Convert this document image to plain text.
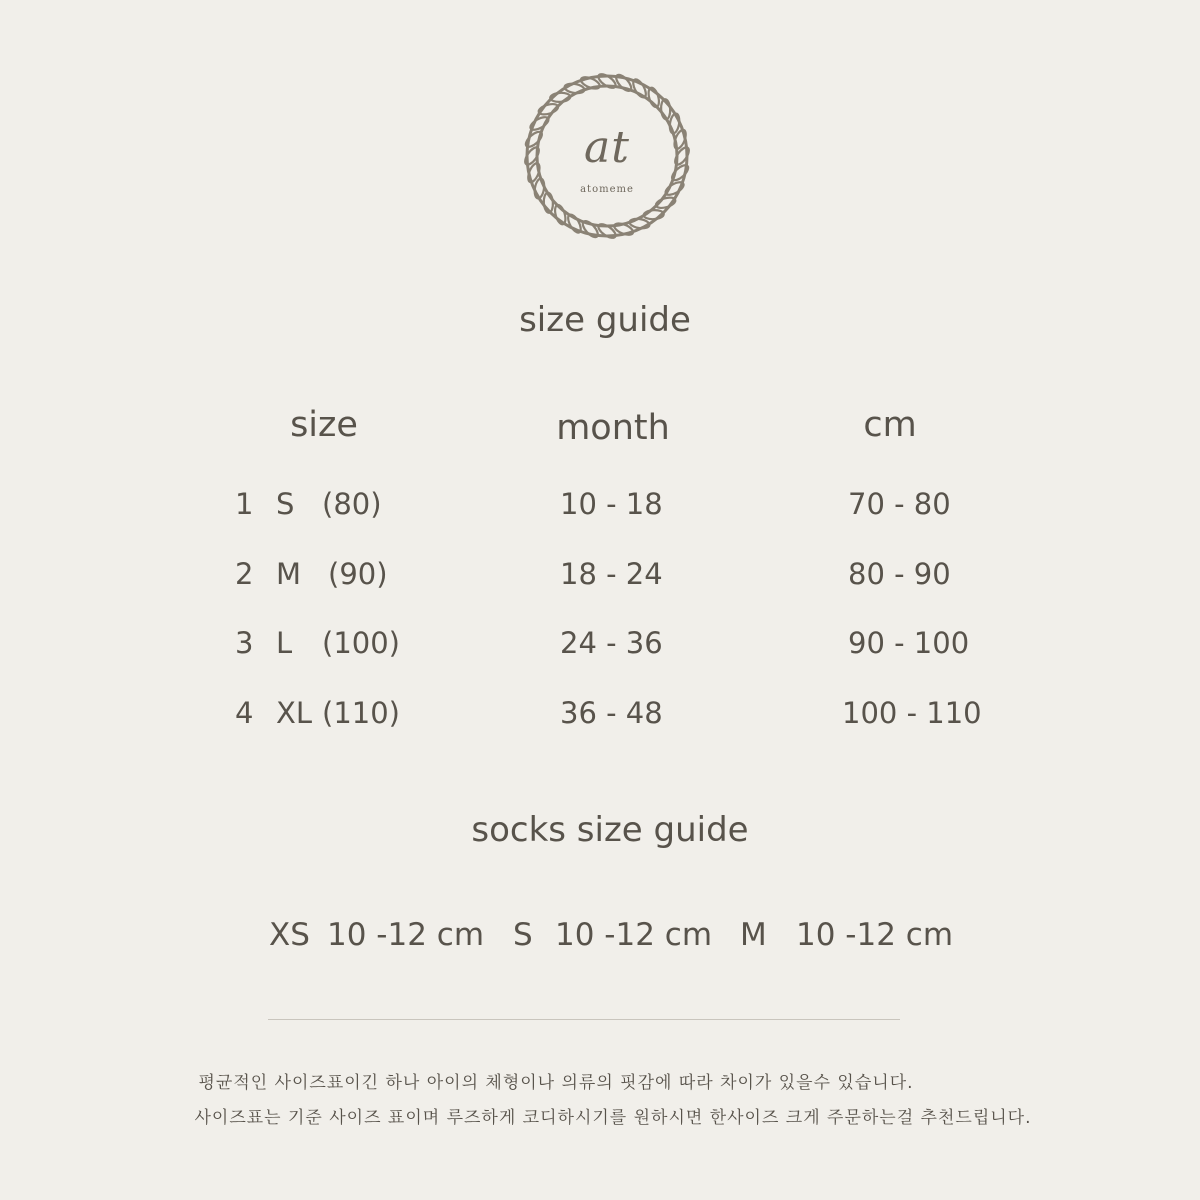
at
atomeme
size guide
size	month	cm
1 S (80)	10 - 18	70 - 80
2 M (90)	18 - 24	80 - 90
3 L (100)	24 - 36	90 - 100
4 XL (110)	36 - 48	100 - 110
socks size guide
XS 10 -12 cm S 10 -12 cm M 10 -12 cm
평균적인 사이즈표이긴 하나 아이의 체형이나 의류의 핏감에 따라 차이가 있을수 있습니다.
사이즈표는 기준 사이즈 표이며 루즈하게 코디하시기를 원하시면 한사이즈 크게 주문하는걸 추천드립니다.
